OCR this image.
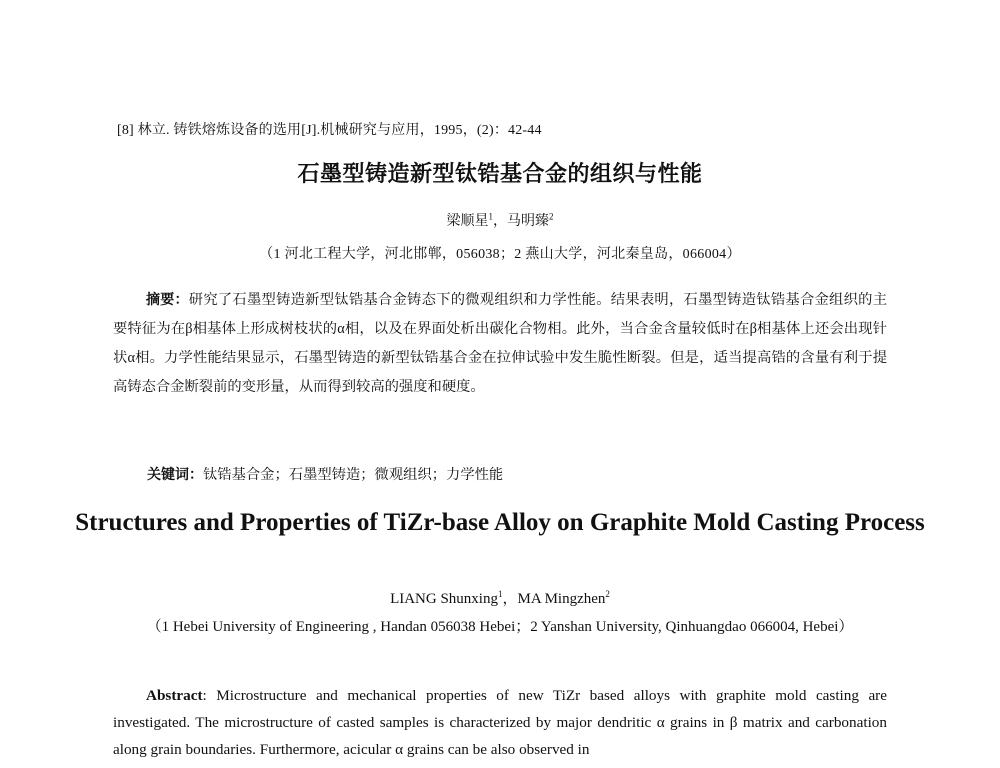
[8] 林立. 铸铁熔炼设备的选用[J].机械研究与应用，1995，(2)：42-44
石墨型铸造新型钛锆基合金的组织与性能
梁顺星$^1$，马明臻$^2$
（1 河北工程大学，河北邯郸，056038；2 燕山大学，河北秦皇岛，066004）

摘要：研究了石墨型铸造新型钛锆基合金铸态下的微观组织和力学性能。结果表明，石墨型铸造钛锆基合金组织的主要特征为在β相基体上形成树枝状的α相，以及在界面处析出碳化合物相。此外，当合金含量较低时在β相基体上还会出现针状α相。力学性能结果显示，石墨型铸造的新型钛锆基合金在拉伸试验中发生脆性断裂。但是，适当提高锆的含量有利于提高铸态合金断裂前的变形量，从而得到较高的强度和硬度。

关键词：钛锆基合金；石墨型铸造；微观组织；力学性能
Structures and Properties of TiZr-base Alloy on Graphite Mold Casting Process
LIANG Shunxing$^1$，MA Mingzhen$^2$

（1 Hebei University of Engineering , Handan 056038 Hebei；2 Yanshan University, Qinhuangdao 066004, Hebei）

Abstract: Microstructure and mechanical properties of new TiZr based alloys with graphite mold casting are investigated. The microstructure of casted samples is characterized by major dendritic α grains in β matrix and carbonation along grain boundaries. Furthermore, acicular α grains can be also observed in
